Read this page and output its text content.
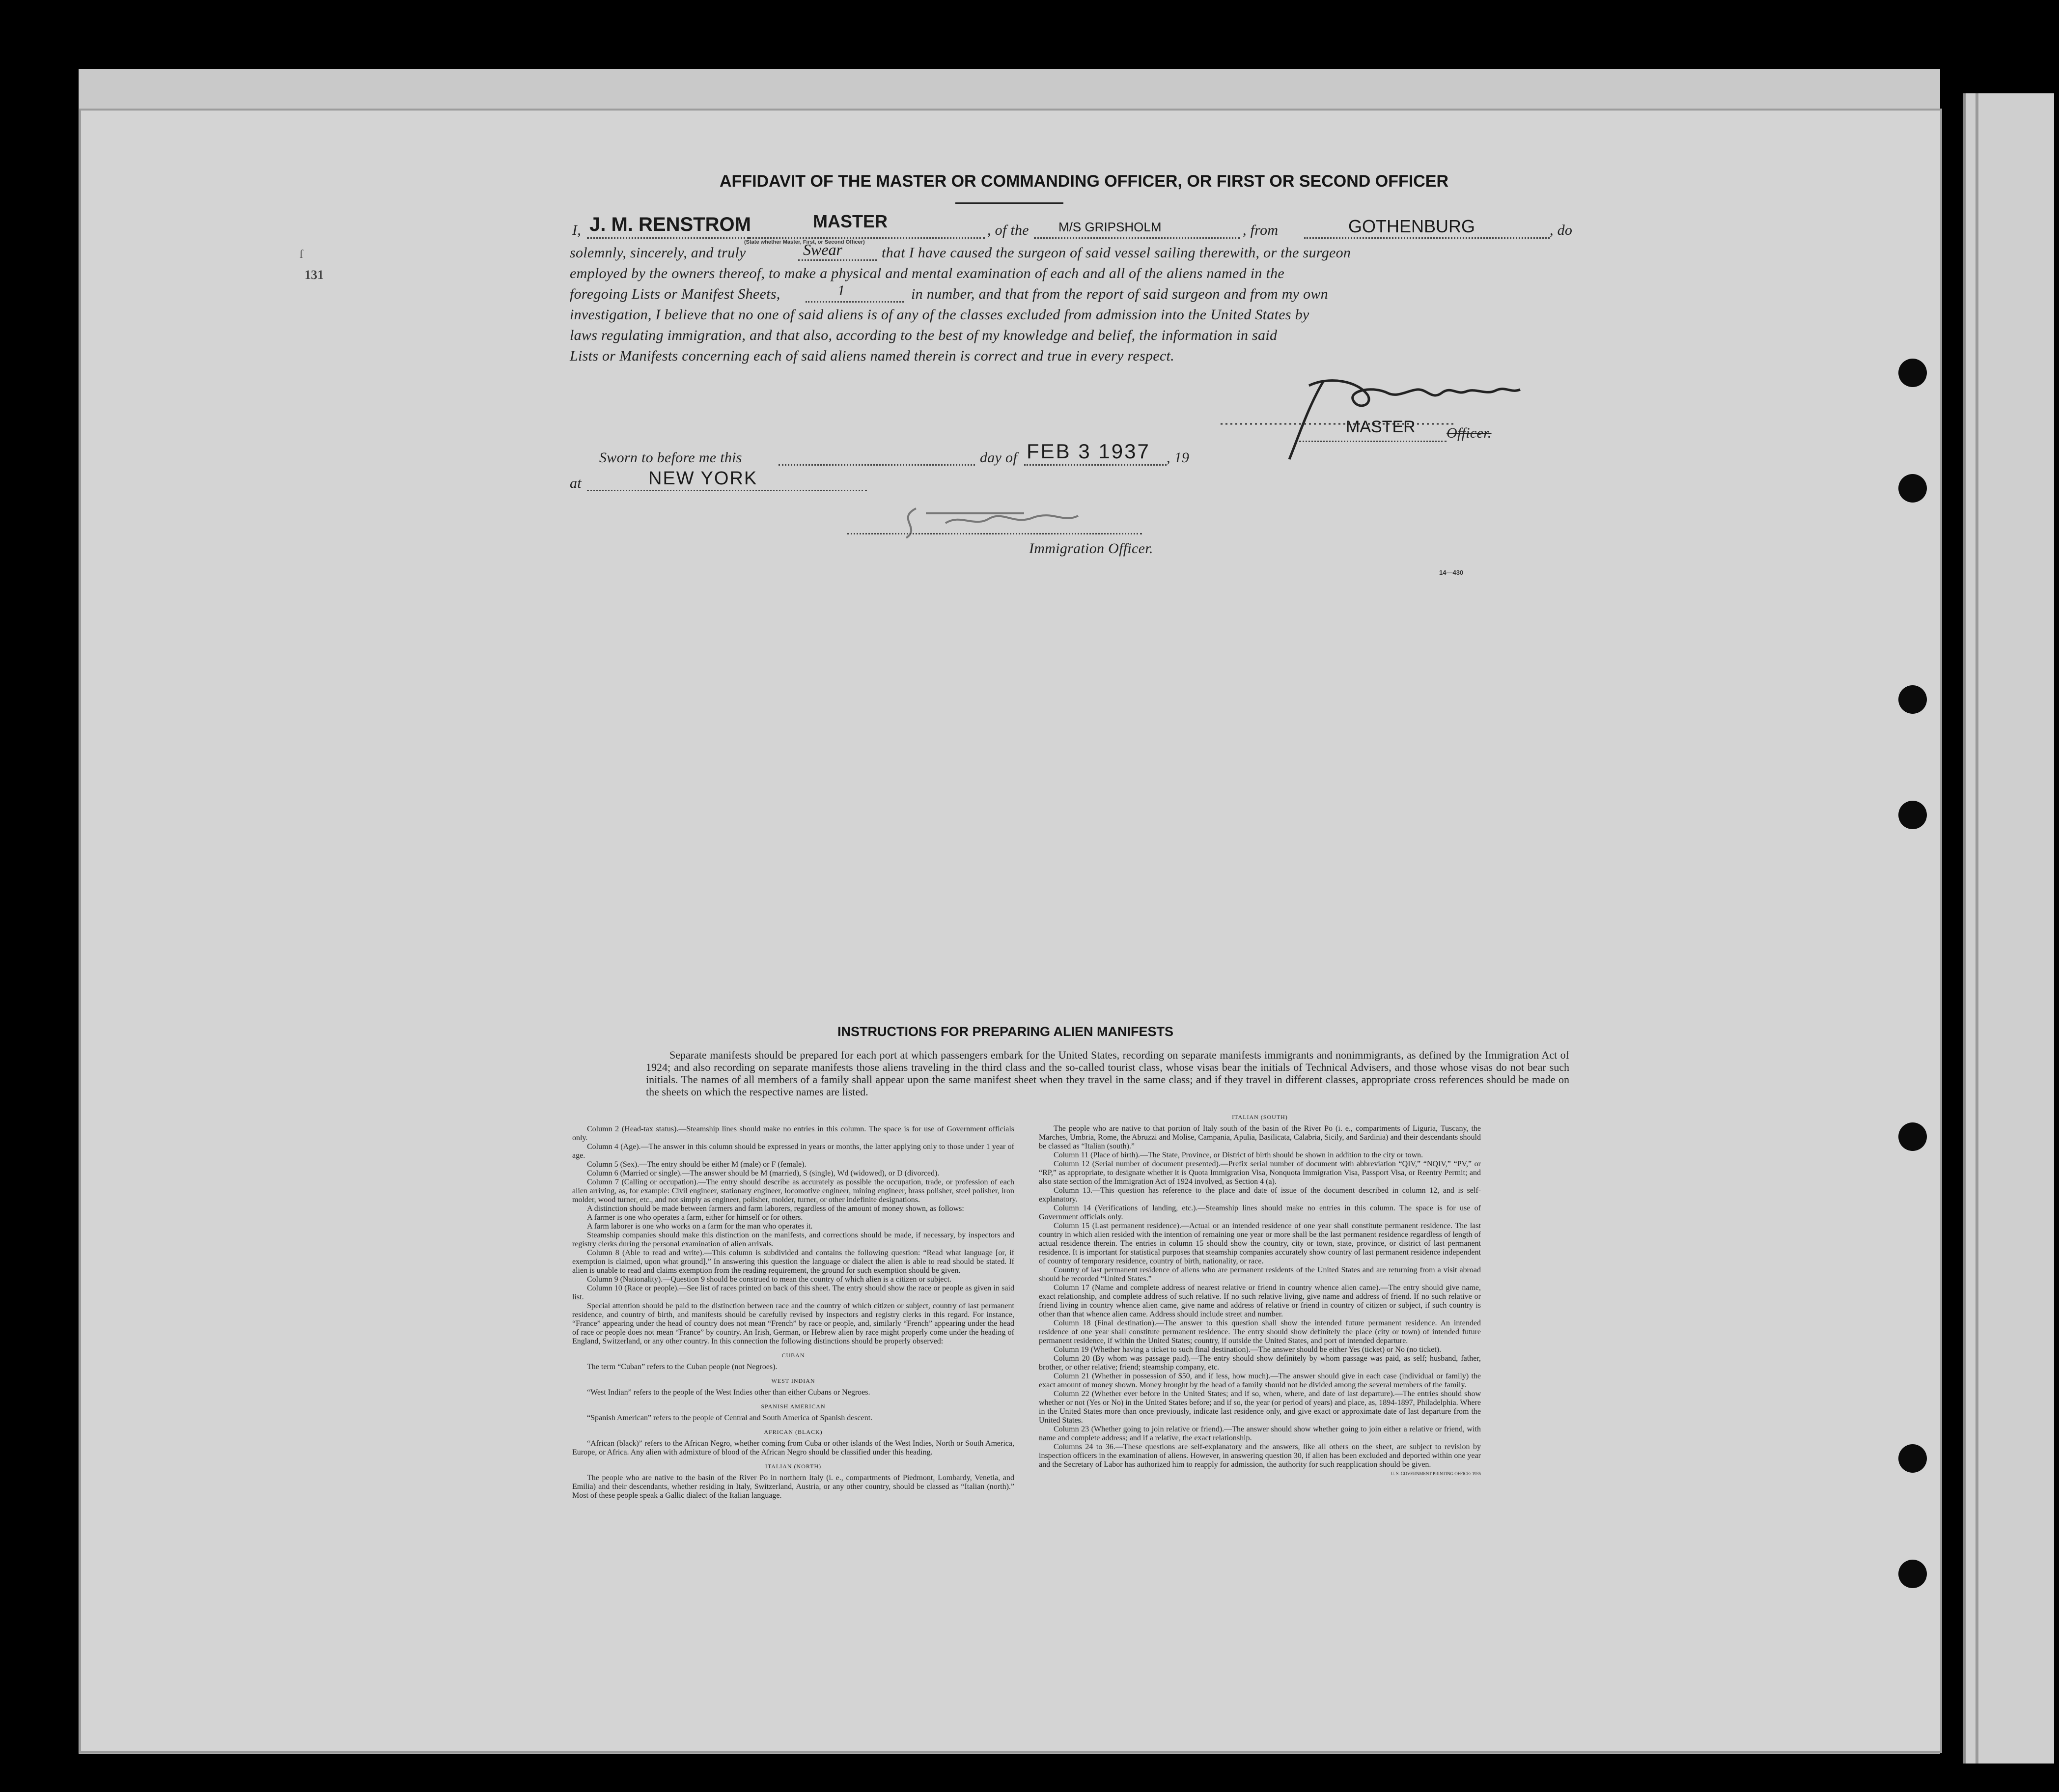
ſ
131
AFFIDAVIT OF THE MASTER OR COMMANDING OFFICER, OR FIRST OR SECOND OFFICER
I, J. M. RENSTROM	MASTER
(State whether Master, First, or Second Officer)
, of the M/S GRIPSHOLM	, from	GOTHENBURG	, do
solemnly, sincerely, and truly	Swear	that I have caused the surgeon of said vessel sailing therewith, or the surgeon
employed by the owners thereof, to make a physical and mental examination of each and all of the aliens named in the
foregoing Lists or Manifest Sheets,	1	in number, and that from the report of said surgeon and from my own
investigation, I believe that no one of said aliens is of any of the classes excluded from admission into the United States by
laws regulating immigration, and that also, according to the best of my knowledge and belief, the information in said
Lists or Manifests concerning each of said aliens named therein is correct and true in every respect.
MASTER Officer.
Sworn to before me this	day of FEB 3 1937 , 19
at	NEW YORK
Immigration Officer.
14—430
INSTRUCTIONS FOR PREPARING ALIEN MANIFESTS
Separate manifests should be prepared for each port at which passengers embark for the United States, recording on separate manifests immigrants and nonimmigrants, as defined by the Immigration Act of 1924; and also recording on separate manifests those aliens traveling in the third class and the so-called tourist class, whose visas bear the initials of Technical Advisers, and those whose visas do not bear such initials. The names of all members of a family shall appear upon the same manifest sheet when they travel in the same class; and if they travel in different classes, appropriate cross references should be made on the sheets on which the respective names are listed.

Column 2 (Head-tax status).—Steamship lines should make no entries in this column. The space is for use of Government officials only.

Column 4 (Age).—The answer in this column should be expressed in years or months, the latter applying only to those under 1 year of age.

Column 5 (Sex).—The entry should be either M (male) or F (female).

Column 6 (Married or single).—The answer should be M (married), S (single), Wd (widowed), or D (divorced).

Column 7 (Calling or occupation).—The entry should describe as accurately as possible the occupation, trade, or profession of each alien arriving, as, for example: Civil engineer, stationary engineer, locomotive engineer, mining engineer, brass polisher, steel polisher, iron molder, wood turner, etc., and not simply as engineer, polisher, molder, turner, or other indefinite designations.

A distinction should be made between farmers and farm laborers, regardless of the amount of money shown, as follows:

A farmer is one who operates a farm, either for himself or for others.

A farm laborer is one who works on a farm for the man who operates it.

Steamship companies should make this distinction on the manifests, and corrections should be made, if necessary, by inspectors and registry clerks during the personal examination of alien arrivals.

Column 8 (Able to read and write).—This column is subdivided and contains the following question: “Read what language [or, if exemption is claimed, upon what ground].” In answering this question the language or dialect the alien is able to read should be stated. If alien is unable to read and claims exemption from the reading requirement, the ground for such exemption should be given.

Column 9 (Nationality).—Question 9 should be construed to mean the country of which alien is a citizen or subject.

Column 10 (Race or people).—See list of races printed on back of this sheet. The entry should show the race or people as given in said list.

Special attention should be paid to the distinction between race and the country of which citizen or subject, country of last permanent residence, and country of birth, and manifests should be carefully revised by inspectors and registry clerks in this regard. For instance, “France” appearing under the head of country does not mean “French” by race or people, and, similarly “French” appearing under the head of race or people does not mean “France” by country. An Irish, German, or Hebrew alien by race might properly come under the heading of England, Switzerland, or any other country. In this connection the following distinctions should be properly observed:

CUBAN

The term “Cuban” refers to the Cuban people (not Negroes).

WEST INDIAN

“West Indian” refers to the people of the West Indies other than either Cubans or Negroes.

SPANISH AMERICAN

“Spanish American” refers to the people of Central and South America of Spanish descent.

AFRICAN (BLACK)

“African (black)” refers to the African Negro, whether coming from Cuba or other islands of the West Indies, North or South America, Europe, or Africa. Any alien with admixture of blood of the African Negro should be classified under this heading.

ITALIAN (NORTH)

The people who are native to the basin of the River Po in northern Italy (i. e., compartments of Piedmont, Lombardy, Venetia, and Emilia) and their descendants, whether residing in Italy, Switzerland, Austria, or any other country, should be classed as “Italian (north).” Most of these people speak a Gallic dialect of the Italian language.

ITALIAN (SOUTH)

The people who are native to that portion of Italy south of the basin of the River Po (i. e., compartments of Liguria, Tuscany, the Marches, Umbria, Rome, the Abruzzi and Molise, Campania, Apulia, Basilicata, Calabria, Sicily, and Sardinia) and their descendants should be classed as “Italian (south).”

Column 11 (Place of birth).—The State, Province, or District of birth should be shown in addition to the city or town.

Column 12 (Serial number of document presented).—Prefix serial number of document with abbreviation “QIV,” “NQIV,” “PV,” or “RP,” as appropriate, to designate whether it is Quota Immigration Visa, Nonquota Immigration Visa, Passport Visa, or Reentry Permit; and also state section of the Immigration Act of 1924 involved, as Section 4 (a).

Column 13.—This question has reference to the place and date of issue of the document described in column 12, and is self-explanatory.

Column 14 (Verifications of landing, etc.).—Steamship lines should make no entries in this column. The space is for use of Government officials only.

Column 15 (Last permanent residence).—Actual or an intended residence of one year shall constitute permanent residence. The last country in which alien resided with the intention of remaining one year or more shall be the last permanent residence regardless of length of actual residence therein. The entries in column 15 should show the country, city or town, state, province, or district of last permanent residence. It is important for statistical purposes that steamship companies accurately show country of last permanent residence independent of country of temporary residence, country of birth, nationality, or race.

Country of last permanent residence of aliens who are permanent residents of the United States and are returning from a visit abroad should be recorded “United States.”

Column 17 (Name and complete address of nearest relative or friend in country whence alien came).—The entry should give name, exact relationship, and complete address of such relative. If no such relative living, give name and address of friend. If no such relative or friend living in country whence alien came, give name and address of relative or friend in country of citizen or subject, if such country is other than that whence alien came. Address should include street and number.

Column 18 (Final destination).—The answer to this question shall show the intended future permanent residence. An intended residence of one year shall constitute permanent residence. The entry should show definitely the place (city or town) of intended future permanent residence, if within the United States; country, if outside the United States, and port of intended departure.

Column 19 (Whether having a ticket to such final destination).—The answer should be either Yes (ticket) or No (no ticket).

Column 20 (By whom was passage paid).—The entry should show definitely by whom passage was paid, as self; husband, father, brother, or other relative; friend; steamship company, etc.

Column 21 (Whether in possession of $50, and if less, how much).—The answer should give in each case (individual or family) the exact amount of money shown. Money brought by the head of a family should not be divided among the several members of the family.

Column 22 (Whether ever before in the United States; and if so, when, where, and date of last departure).—The entries should show whether or not (Yes or No) in the United States before; and if so, the year (or period of years) and place, as, 1894-1897, Philadelphia. Where in the United States more than once previously, indicate last residence only, and give exact or approximate date of last departure from the United States.

Column 23 (Whether going to join relative or friend).—The answer should show whether going to join either a relative or friend, with name and complete address; and if a relative, the exact relationship.

Columns 24 to 36.—These questions are self-explanatory and the answers, like all others on the sheet, are subject to revision by inspection officers in the examination of aliens. However, in answering question 30, if alien has been excluded and deported within one year and the Secretary of Labor has authorized him to reapply for admission, the authority for such reapplication should be given.

U. S. GOVERNMENT PRINTING OFFICE: 1935
